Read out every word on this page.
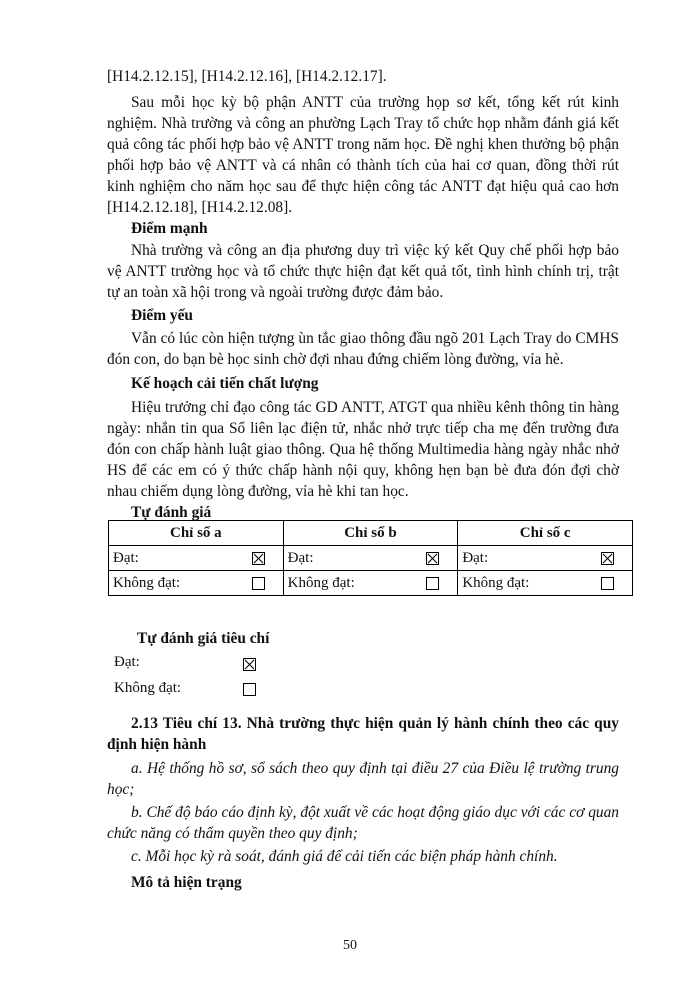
[H14.2.12.15], [H14.2.12.16], [H14.2.12.17].

Sau mỗi học kỳ bộ phận ANTT của trường họp sơ kết, tổng kết rút kinh nghiệm. Nhà trường và công an phường Lạch Tray tổ chức họp nhằm đánh giá kết quả công tác phối hợp bảo vệ ANTT trong năm học. Đề nghị khen thưởng bộ phận phối hợp bảo vệ ANTT và cá nhân có thành tích của hai cơ quan, đồng thời rút kinh nghiệm cho năm học sau để thực hiện công tác ANTT đạt hiệu quả cao hơn [H14.2.12.18], [H14.2.12.08].

Điểm mạnh

Nhà trường và công an địa phương duy trì việc ký kết Quy chế phối hợp bảo vệ ANTT trường học và tổ chức thực hiện đạt kết quả tốt, tình hình chính trị, trật tự an toàn xã hội trong và ngoài trường được đảm bảo.

Điểm yếu

Vẫn có lúc còn hiện tượng ùn tắc giao thông đầu ngõ 201 Lạch Tray do CMHS đón con, do bạn bè học sinh chờ đợi nhau đứng chiếm lòng đường, vỉa hè.

Kế hoạch cải tiến chất lượng

Hiệu trưởng chỉ đạo công tác GD ANTT, ATGT qua nhiều kênh thông tin hàng ngày: nhắn tin qua Sổ liên lạc điện tử, nhắc nhở trực tiếp cha mẹ đến trường đưa đón con chấp hành luật giao thông. Qua hệ thống Multimedia hàng ngày nhắc nhở HS để các em có ý thức chấp hành nội quy, không hẹn bạn bè đưa đón đợi chờ nhau chiếm dụng lòng đường, vỉa hè khi tan học.

Tự đánh giá

Chỉ số a	Chỉ số b	Chỉ số c

Đạt:	Đạt:	Đạt:

Không đạt:	Không đạt:	Không đạt:

Tự đánh giá tiêu chí

Đạt:
Không đạt:

2.13 Tiêu chí 13. Nhà trường thực hiện quản lý hành chính theo các quy định hiện hành

a. Hệ thống hồ sơ, sổ sách theo quy định tại điều 27 của Điều lệ trường trung học;

b. Chế độ báo cáo định kỳ, đột xuất về các hoạt động giáo dục với các cơ quan chức năng có thẩm quyền theo quy định;

c. Mỗi học kỳ rà soát, đánh giá để cải tiến các biện pháp hành chính.

Mô tả hiện trạng

50
